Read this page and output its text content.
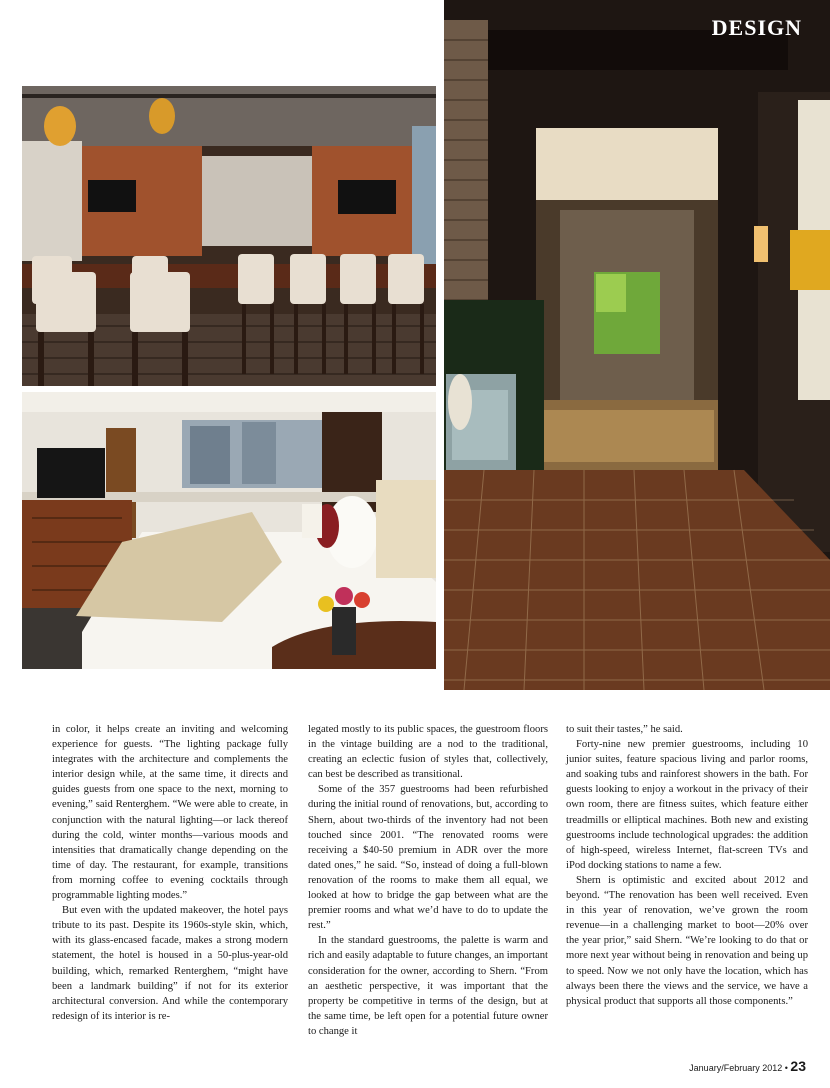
DESIGN

in color, it helps create an inviting and welcoming experience for guests. “The lighting package fully integrates with the architecture and complements the interior design while, at the same time, it directs and guides guests from one space to the next, morning to evening,” said Renterghem. “We were able to create, in conjunction with the natural lighting—or lack thereof during the cold, winter months—various moods and intensities that dramatically change depending on the time of day. The restaurant, for example, transitions from morning coffee to evening cocktails through programmable lighting modes.”

But even with the updated makeover, the hotel pays tribute to its past. Despite its 1960s-style skin, which, with its glass-encased facade, makes a strong modern statement, the hotel is housed in a 50-plus-year-old building, which, remarked Renterghem, “might have been a landmark building” if not for its exterior architectural conversion. And while the contemporary redesign of its interior is re-

legated mostly to its public spaces, the guestroom floors in the vintage building are a nod to the traditional, creating an eclectic fusion of styles that, collectively, can best be described as transitional.

Some of the 357 guestrooms had been refurbished during the initial round of renovations, but, according to Shern, about two-thirds of the inventory had not been touched since 2001. “The renovated rooms were receiving a $40-50 premium in ADR over the more dated ones,” he said. “So, instead of doing a full-blown renovation of the rooms to make them all equal, we looked at how to bridge the gap between what are the premier rooms and what we’d have to do to update the rest.”

In the standard guestrooms, the palette is warm and rich and easily adaptable to future changes, an important consideration for the owner, according to Shern. “From an aesthetic perspective, it was important that the property be competitive in terms of the design, but at the same time, be left open for a potential future owner to change it

to suit their tastes,” he said.

Forty-nine new premier guestrooms, including 10 junior suites, feature spacious living and parlor rooms, and soaking tubs and rainforest showers in the bath. For guests looking to enjoy a workout in the privacy of their own room, there are fitness suites, which feature either treadmills or elliptical machines. Both new and existing guestrooms include technological upgrades: the addition of high-speed, wireless Internet, flat-screen TVs and iPod docking stations to name a few.

Shern is optimistic and excited about 2012 and beyond. “The renovation has been well received. Even in this year of renovation, we’ve grown the room revenue—in a challenging market to boot—20% over the year prior,” said Shern. “We’re looking to do that or more next year without being in renovation and being up to speed. Now we not only have the location, which has always been there the views and the service, we have a physical product that supports all those components.”

January/February 2012 • 23
